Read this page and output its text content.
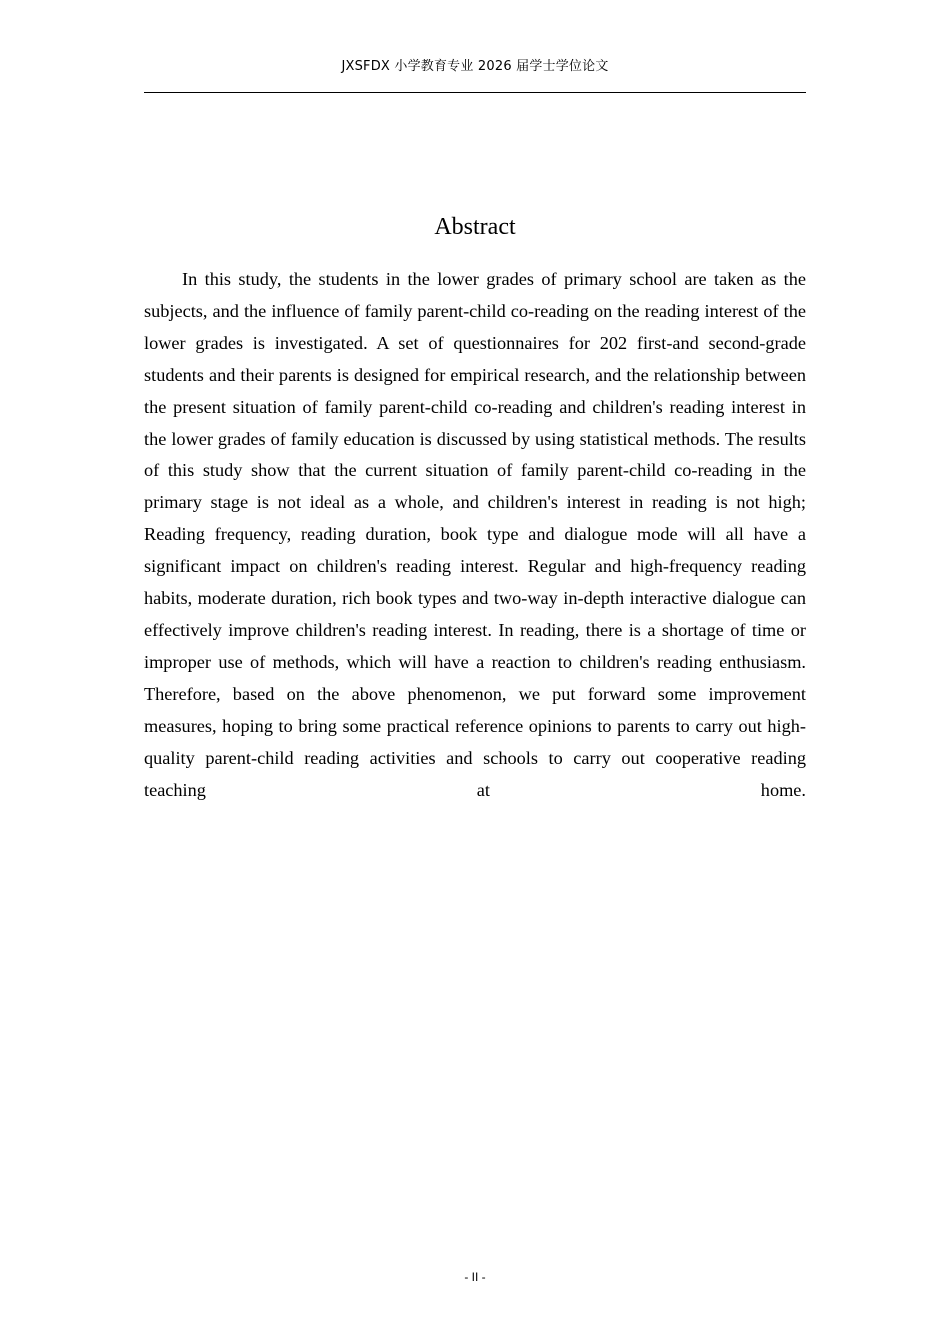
JXSFDX 小学教育专业 2026 届学士学位论文
Abstract

In this study, the students in the lower grades of primary school are taken as the subjects, and the influence of family parent-child co-reading on the reading interest of the lower grades is investigated. A set of questionnaires for 202 first-and second-grade students and their parents is designed for empirical research, and the relationship between the present situation of family parent-child co-reading and children's reading interest in the lower grades of family education is discussed by using statistical methods. The results of this study show that the current situation of family parent-child co-reading in the primary stage is not ideal as a whole, and children's interest in reading is not high; Reading frequency, reading duration, book type and dialogue mode will all have a significant impact on children's reading interest. Regular and high-frequency reading habits, moderate duration, rich book types and two-way in-depth interactive dialogue can effectively improve children's reading interest. In reading, there is a shortage of time or improper use of methods, which will have a reaction to children's reading enthusiasm. Therefore, based on the above phenomenon, we put forward some improvement measures, hoping to bring some practical reference opinions to parents to carry out high-quality parent-child reading activities and schools to carry out cooperative reading teaching at home.

- II -
